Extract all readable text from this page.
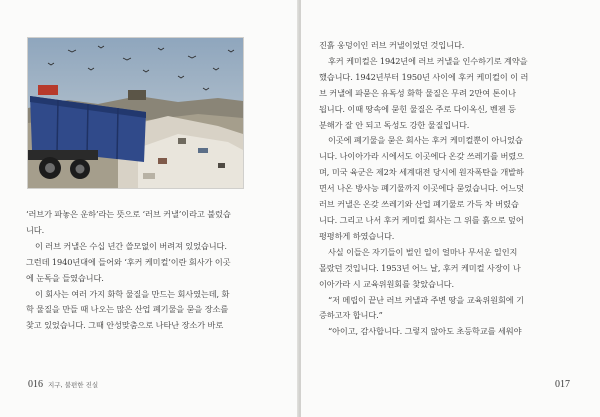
‘러브가 파놓은 운하’라는 뜻으로 ‘러브 커낼’이라고 불렀습

니다.

이 러브 커낼은 수십 년간 쓸모없이 버려져 있었습니다.

그런데 1940년대에 들어와 ‘후커 케미컬’이란 회사가 이곳

에 눈독을 들였습니다.

이 회사는 여러 가지 화학 물질을 만드는 회사였는데, 화

학 물질을 만들 때 나오는 많은 산업 폐기물을 묻을 장소를

찾고 있었습니다. 그때 안성맞춤으로 나타난 장소가 바로

016 지구, 불편한 진실

진흙 웅덩이인 러브 커낼이었던 것입니다.

후커 케미컬은 1942년에 러브 커낼을 인수하기로 계약을

했습니다. 1942년부터 1950년 사이에 후커 케미컬이 이 러

브 커낼에 파묻은 유독성 화학 물질은 무려 2만여 톤이나

됩니다. 이때 땅속에 묻힌 물질은 주로 다이옥신, 벤젠 등

분해가 잘 안 되고 독성도 강한 물질입니다.

이곳에 폐기물을 묻은 회사는 후커 케미컬뿐이 아니었습

니다. 나이아가라 시에서도 이곳에다 온갖 쓰레기를 버렸으

며, 미국 육군은 제2차 세계대전 당시에 원자폭탄을 개발하

면서 나온 방사능 폐기물까지 이곳에다 묻었습니다. 어느덧

러브 커낼은 온갖 쓰레기와 산업 폐기물로 가득 차 버렸습

니다. 그리고 나서 후커 케미컬 회사는 그 위를 흙으로 덮어

평평하게 하였습니다.

사실 이들은 자기들이 벌인 일이 얼마나 무서운 일인지

몰랐던 것입니다. 1953년 어느 날, 후커 케미컬 사장이 나

이아가라 시 교육위원회를 찾았습니다.

“저 메립이 끝난 러브 커낼과 주변 땅을 교육위원회에 기

증하고자 합니다.”

“아이고, 감사합니다. 그렇지 않아도 초등학교를 세워야

017
